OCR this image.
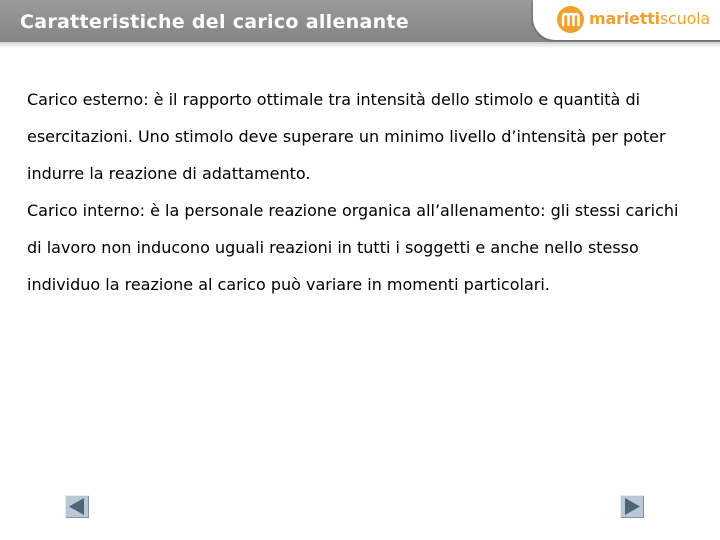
Caratteristiche del carico allenante	mariettiscuola

Carico esterno: è il rapporto ottimale tra intensità dello stimolo e quantità di esercitazioni. Uno stimolo deve superare un minimo livello d’intensità per poter indurre la reazione di adattamento.

Carico interno: è la personale reazione organica all’allenamento: gli stessi carichi di lavoro non inducono uguali reazioni in tutti i soggetti e anche nello stesso individuo la reazione al carico può variare in momenti particolari.
